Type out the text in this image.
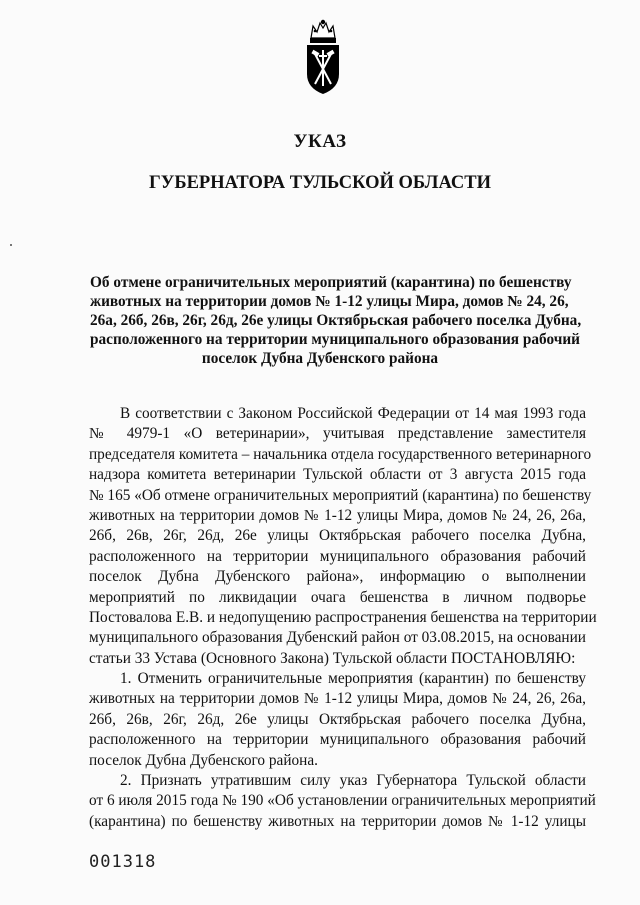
УКАЗ
ГУБЕРНАТОРА ТУЛЬСКОЙ ОБЛАСТИ
Об отмене ограничительных мероприятий (карантина) по бешенству
животных на территории домов № 1-12 улицы Мира, домов № 24, 26,
26а, 26б, 26в, 26г, 26д, 26е улицы Октябрьская рабочего поселка Дубна,
расположенного на территории муниципального образования рабочий
поселок Дубна Дубенского района
В соответствии с Законом Российской Федерации от 14 мая 1993 года
№ 4979-1 «О ветеринарии», учитывая представление заместителя
председателя комитета – начальника отдела государственного ветеринарного
надзора комитета ветеринарии Тульской области от 3 августа 2015 года
№ 165 «Об отмене ограничительных мероприятий (карантина) по бешенству
животных на территории домов № 1-12 улицы Мира, домов № 24, 26, 26а,
26б, 26в, 26г, 26д, 26е улицы Октябрьская рабочего поселка Дубна,
расположенного на территории муниципального образования рабочий
поселок Дубна Дубенского района», информацию о выполнении
мероприятий по ликвидации очага бешенства в личном подворье
Постовалова Е.В. и недопущению распространения бешенства на территории
муниципального образования Дубенский район от 03.08.2015, на основании
статьи 33 Устава (Основного Закона) Тульской области ПОСТАНОВЛЯЮ:
1. Отменить ограничительные мероприятия (карантин) по бешенству
животных на территории домов № 1-12 улицы Мира, домов № 24, 26, 26а,
26б, 26в, 26г, 26д, 26е улицы Октябрьская рабочего поселка Дубна,
расположенного на территории муниципального образования рабочий
поселок Дубна Дубенского района.
2. Признать утратившим силу указ Губернатора Тульской области
от 6 июля 2015 года № 190 «Об установлении ограничительных мероприятий
(карантина) по бешенству животных на территории домов № 1-12 улицы
001318
